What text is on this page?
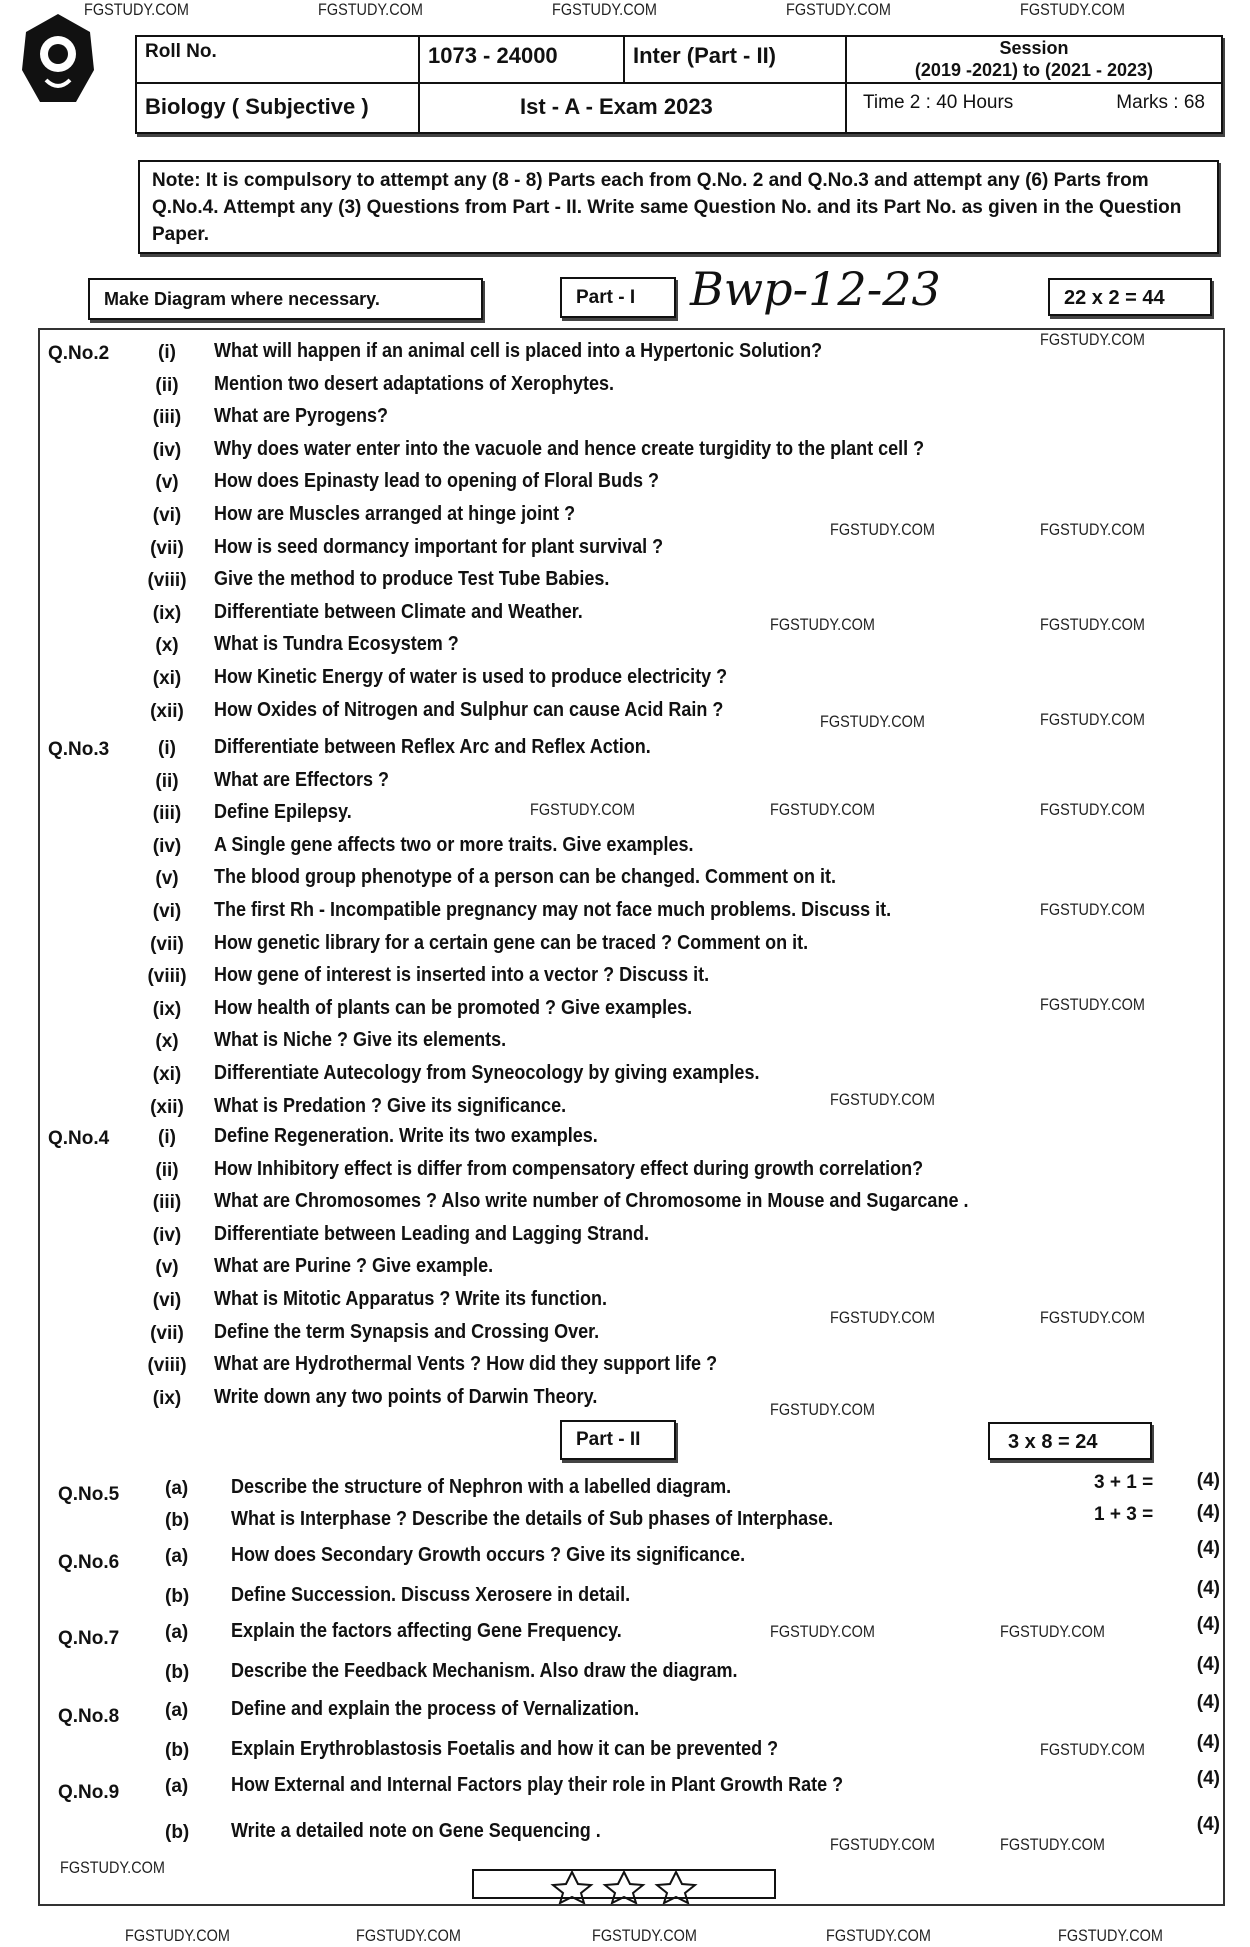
FGSTUDY.COM	FGSTUDY.COM	FGSTUDY.COM	FGSTUDY.COM	FGSTUDY.COM
Roll No.	1073 - 24000	Inter (Part - II)	Session
(2019 -2021) to (2021 - 2023)
Biology ( Subjective )	Ist - A - Exam 2023	Time 2 : 40 Hours	Marks : 68
Note: It is compulsory to attempt any (8 - 8) Parts each from Q.No. 2 and Q.No.3 and attempt any (6) Parts from Q.No.4. Attempt any (3) Questions from Part - II. Write same Question No. and its Part No. as given in the Question Paper.
Make Diagram where necessary.	Part - I	Bwp-12-23	22 x 2 = 44
Q.No.2	(i)	What will happen if an animal cell is placed into a Hypertonic Solution?
(ii)	Mention two desert adaptations of Xerophytes.
(iii)	What are Pyrogens?
(iv)	Why does water enter into the vacuole and hence create turgidity to the plant cell ?
(v)	How does Epinasty lead to opening of Floral Buds ?
(vi)	How are Muscles arranged at hinge joint ?
(vii)	How is seed dormancy important for plant survival ?
(viii)	Give the method to produce Test Tube Babies.
(ix)	Differentiate between Climate and Weather.
(x)	What is Tundra Ecosystem ?
(xi)	How Kinetic Energy of water is used to produce electricity ?
(xii)	How Oxides of Nitrogen and Sulphur can cause Acid Rain ?
Q.No.3	(i)	Differentiate between Reflex Arc and Reflex Action.
(ii)	What are Effectors ?
(iii)	Define Epilepsy.
(iv)	A Single gene affects two or more traits. Give examples.
(v)	The blood group phenotype of a person can be changed. Comment on it.
(vi)	The first Rh - Incompatible pregnancy may not face much problems. Discuss it.
(vii)	How genetic library for a certain gene can be traced ? Comment on it.
(viii)	How gene of interest is inserted into a vector ? Discuss it.
(ix)	How health of plants can be promoted ? Give examples.
(x)	What is Niche ? Give its elements.
(xi)	Differentiate Autecology from Syneocology by giving examples.
(xii)	What is Predation ? Give its significance.
Q.No.4	(i)	Define Regeneration. Write its two examples.
(ii)	How Inhibitory effect is differ from compensatory effect during growth correlation?
(iii)	What are Chromosomes ? Also write number of Chromosome in Mouse and Sugarcane .
(iv)	Differentiate between Leading and Lagging Strand.
(v)	What are Purine ? Give example.
(vi)	What is Mitotic Apparatus ? Write its function.
(vii)	Define the term Synapsis and Crossing Over.
(viii)	What are Hydrothermal Vents ? How did they support life ?
(ix)	Write down any two points of Darwin Theory.
Q.No.5 (a) Describe the structure of Nephron with a labelled diagram.	3 + 1 = (4)
(b) What is Interphase ? Describe the details of Sub phases of Interphase.	1 + 3 = (4)
Q.No.6 (a) How does Secondary Growth occurs ? Give its significance.	(4)
(b) Define Succession. Discuss Xerosere in detail.	(4)
Q.No.7 (a) Explain the factors affecting Gene Frequency.	(4)
(b) Describe the Feedback Mechanism. Also draw the diagram.	(4)
Q.No.8 (a) Define and explain the process of Vernalization.	(4)
(b) Explain Erythroblastosis Foetalis and how it can be prevented ?	(4)
Q.No.9 (a) How External and Internal Factors play their role in Plant Growth Rate ?	(4)
(b) Write a detailed note on Gene Sequencing .	(4)
FGSTUDY.COM
FGSTUDY.COM	FGSTUDY.COM
FGSTUDY.COM	FGSTUDY.COM
FGSTUDY.COM
FGSTUDY.COM
FGSTUDY.COM	FGSTUDY.COM	FGSTUDY.COM
FGSTUDY.COM
FGSTUDY.COM
FGSTUDY.COM
FGSTUDY.COM	FGSTUDY.COM
FGSTUDY.COM
FGSTUDY.COM	FGSTUDY.COM
FGSTUDY.COM
FGSTUDY.COM	FGSTUDY.COM
FGSTUDY.COM
Part - II	3 x 8 = 24
FGSTUDY.COM	FGSTUDY.COM	FGSTUDY.COM	FGSTUDY.COM	FGSTUDY.COM
